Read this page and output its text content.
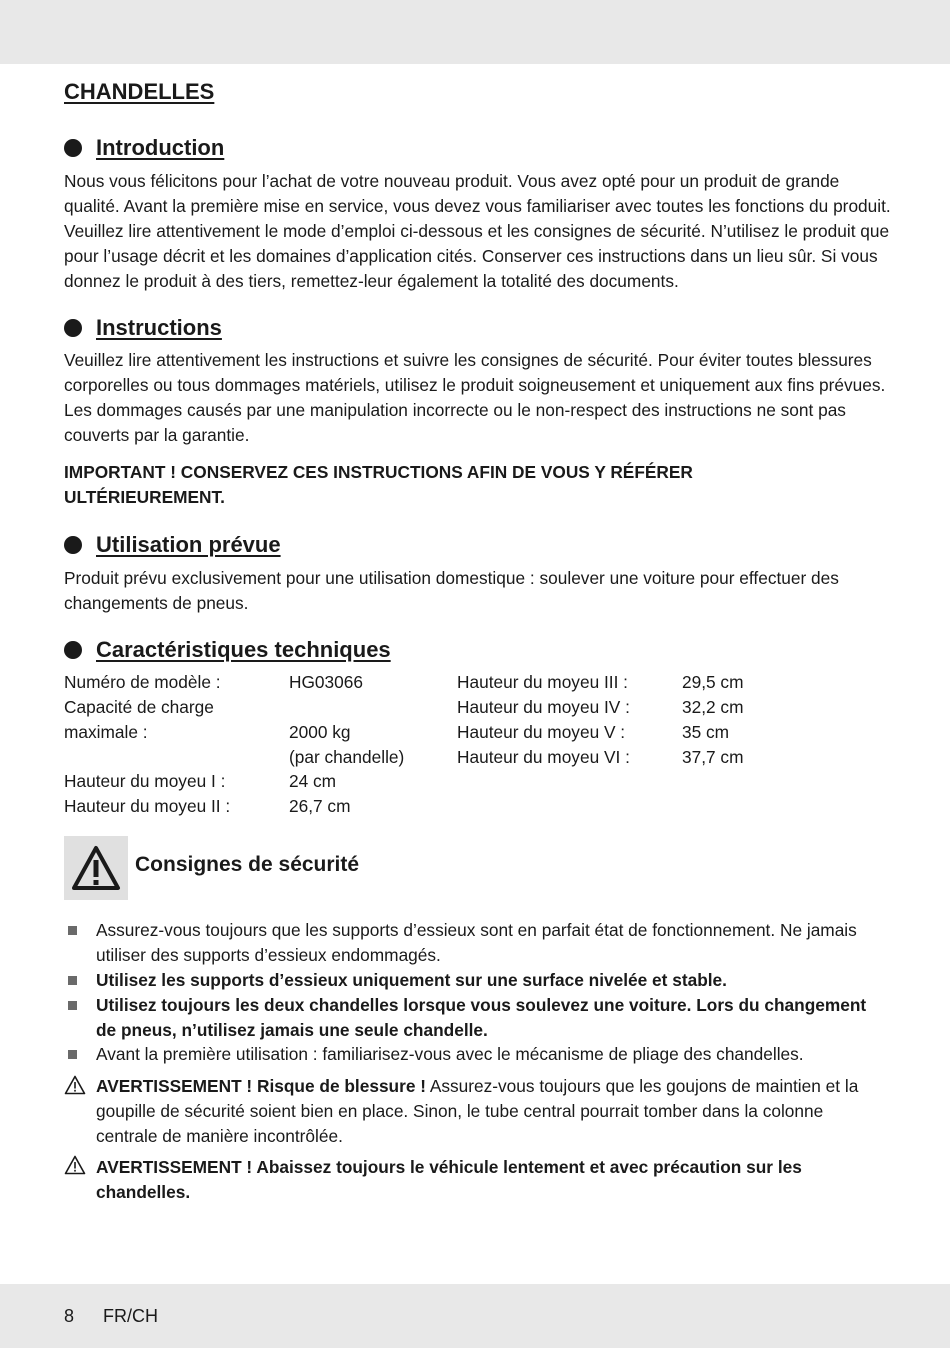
CHANDELLES
Introduction

Nous vous félicitons pour l’achat de votre nouveau produit. Vous avez opté pour un produit de grande qualité. Avant la première mise en service, vous devez vous familiariser avec toutes les fonctions du produit. Veuillez lire attentivement le mode d’emploi ci-dessous et les consignes de sécurité. N’utilisez le produit que pour l’usage décrit et les domaines d’application cités. Conserver ces instructions dans un lieu sûr. Si vous donnez le produit à des tiers, remettez-leur également la totalité des documents.

Instructions

Veuillez lire attentivement les instructions et suivre les consignes de sécurité. Pour éviter toutes blessures corporelles ou tous dommages matériels, utilisez le produit soigneusement et uniquement aux fins prévues. Les dommages causés par une manipulation incorrecte ou le non-respect des instructions ne sont pas couverts par la garantie.

IMPORTANT ! CONSERVEZ CES INSTRUCTIONS AFIN DE VOUS Y RÉFÉRER ULTÉRIEUREMENT.

Utilisation prévue

Produit prévu exclusivement pour une utilisation domestique : soulever une voiture pour effectuer des changements de pneus.

Caractéristiques techniques
Numéro de modèle :	HG03066
Capacité de charge
maximale :	2000 kg
(par chandelle)
Hauteur du moyeu I :	24 cm
Hauteur du moyeu II :	26,7 cm
Hauteur du moyeu III :	29,5 cm
Hauteur du moyeu IV :	32,2 cm
Hauteur du moyeu V :	35 cm
Hauteur du moyeu VI :	37,7 cm
Consignes de sécurité

Assurez-vous toujours que les supports d’essieux sont en parfait état de fonctionnement. Ne jamais utiliser des supports d’essieux endommagés.

Utilisez les supports d’essieux uniquement sur une surface nivelée et stable.

Utilisez toujours les deux chandelles lorsque vous soulevez une voiture. Lors du changement de pneus, n’utilisez jamais une seule chandelle.

Avant la première utilisation : familiarisez-vous avec le mécanisme de pliage des chandelles.

AVERTISSEMENT ! Risque de blessure ! Assurez-vous toujours que les goujons de maintien et la goupille de sécurité soient bien en place. Sinon, le tube central pourrait tomber dans la colonne centrale de manière incontrôlée.

AVERTISSEMENT ! Abaissez toujours le véhicule lentement et avec précaution sur les chandelles.

8 FR/CH
